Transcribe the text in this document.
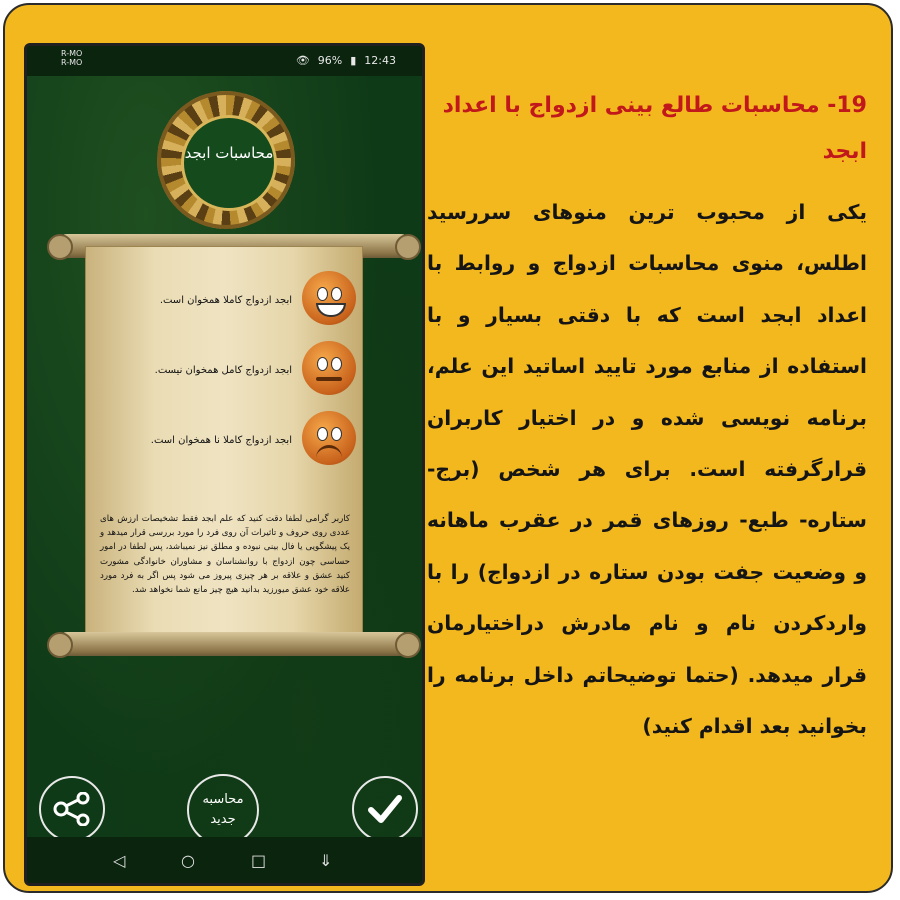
R-MO
R-MO	👁 96% ▮ 12:43
محاسبات ابجد
ابجد ازدواج کاملا همخوان است.
ابجد ازدواج کامل همخوان نیست.
ابجد ازدواج کاملا نا همخوان است.
کاربر گرامی لطفا دقت کنید که علم ابجد فقط تشخیصات ارزش های عددی روی حروف و تاثیرات آن روی فرد را مورد بررسی قرار میدهد و یک پیشگویی یا فال بینی نبوده و مطلق نیز نمیباشد، پس لطفا در امور حساسی چون ازدواج با روانشناسان و مشاوران خانوادگی مشورت کنید عشق و علاقه بر هر چیزی پیروز می شود پس اگر به فرد مورد علاقه خود عشق میورزید بدانید هیچ چیز مانع شما نخواهد شد.
محاسبه جدید
◁	○	□	⇓
19- محاسبات طالع بینی ازدواج با اعداد ابجد
یکی از محبوب ترین منوهای سررسید اطلس، منوی محاسبات ازدواج و روابط با اعداد ابجد است که با دقتی بسیار و با استفاده از منابع مورد تایید اساتید این علم، برنامه نویسی شده و در اختیار کاربران قرارگرفته است. برای هر شخص (برج- ستاره- طبع- روزهای قمر در عقرب ماهانه و وضعیت جفت بودن ستاره در ازدواج) را با واردکردن نام و نام مادرش دراختیارمان قرار میدهد. (حتما توضیحاتم داخل برنامه را بخوانید بعد اقدام کنید)
